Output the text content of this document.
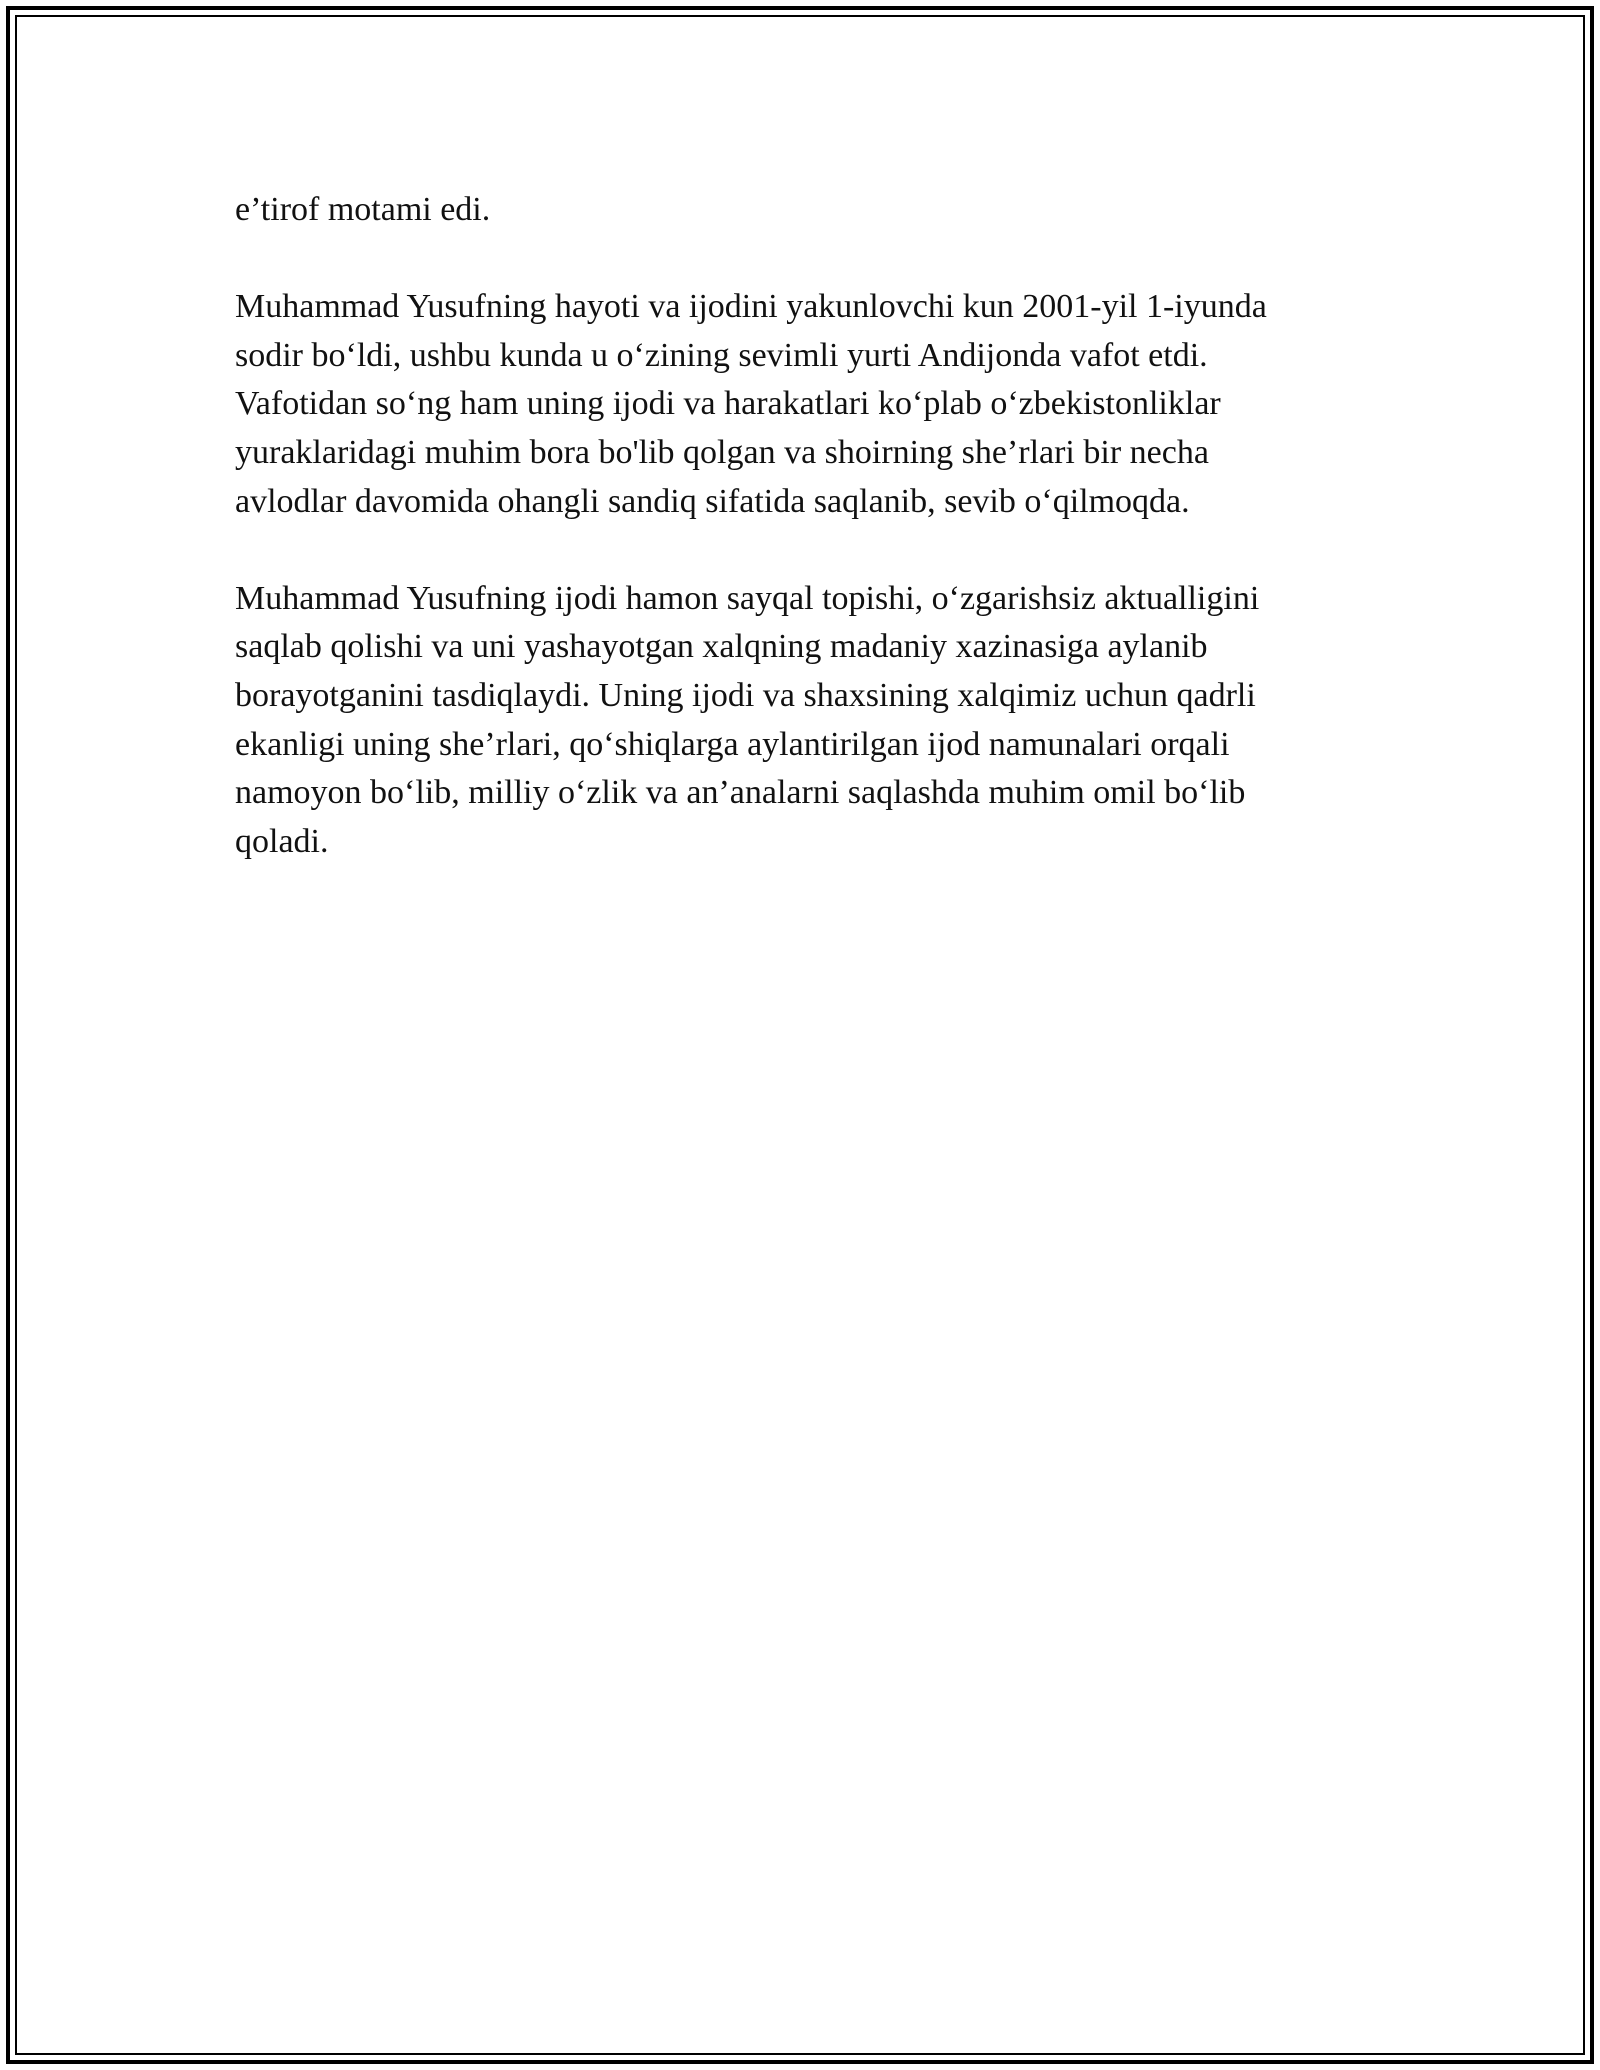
e’tirof motami edi.

Muhammad Yusufning hayoti va ijodini yakunlovchi kun 2001-yil 1-iyunda
sodir bo‘ldi, ushbu kunda u o‘zining sevimli yurti Andijonda vafot etdi.
Vafotidan so‘ng ham uning ijodi va harakatlari ko‘plab o‘zbekistonliklar
yuraklaridagi muhim bora bo'lib qolgan va shoirning she’rlari bir necha
avlodlar davomida ohangli sandiq sifatida saqlanib, sevib o‘qilmoqda.

Muhammad Yusufning ijodi hamon sayqal topishi, o‘zgarishsiz aktualligini
saqlab qolishi va uni yashayotgan xalqning madaniy xazinasiga aylanib
borayotganini tasdiqlaydi. Uning ijodi va shaxsining xalqimiz uchun qadrli
ekanligi uning she’rlari, qo‘shiqlarga aylantirilgan ijod namunalari orqali
namoyon bo‘lib, milliy o‘zlik va an’analarni saqlashda muhim omil bo‘lib
qoladi.
